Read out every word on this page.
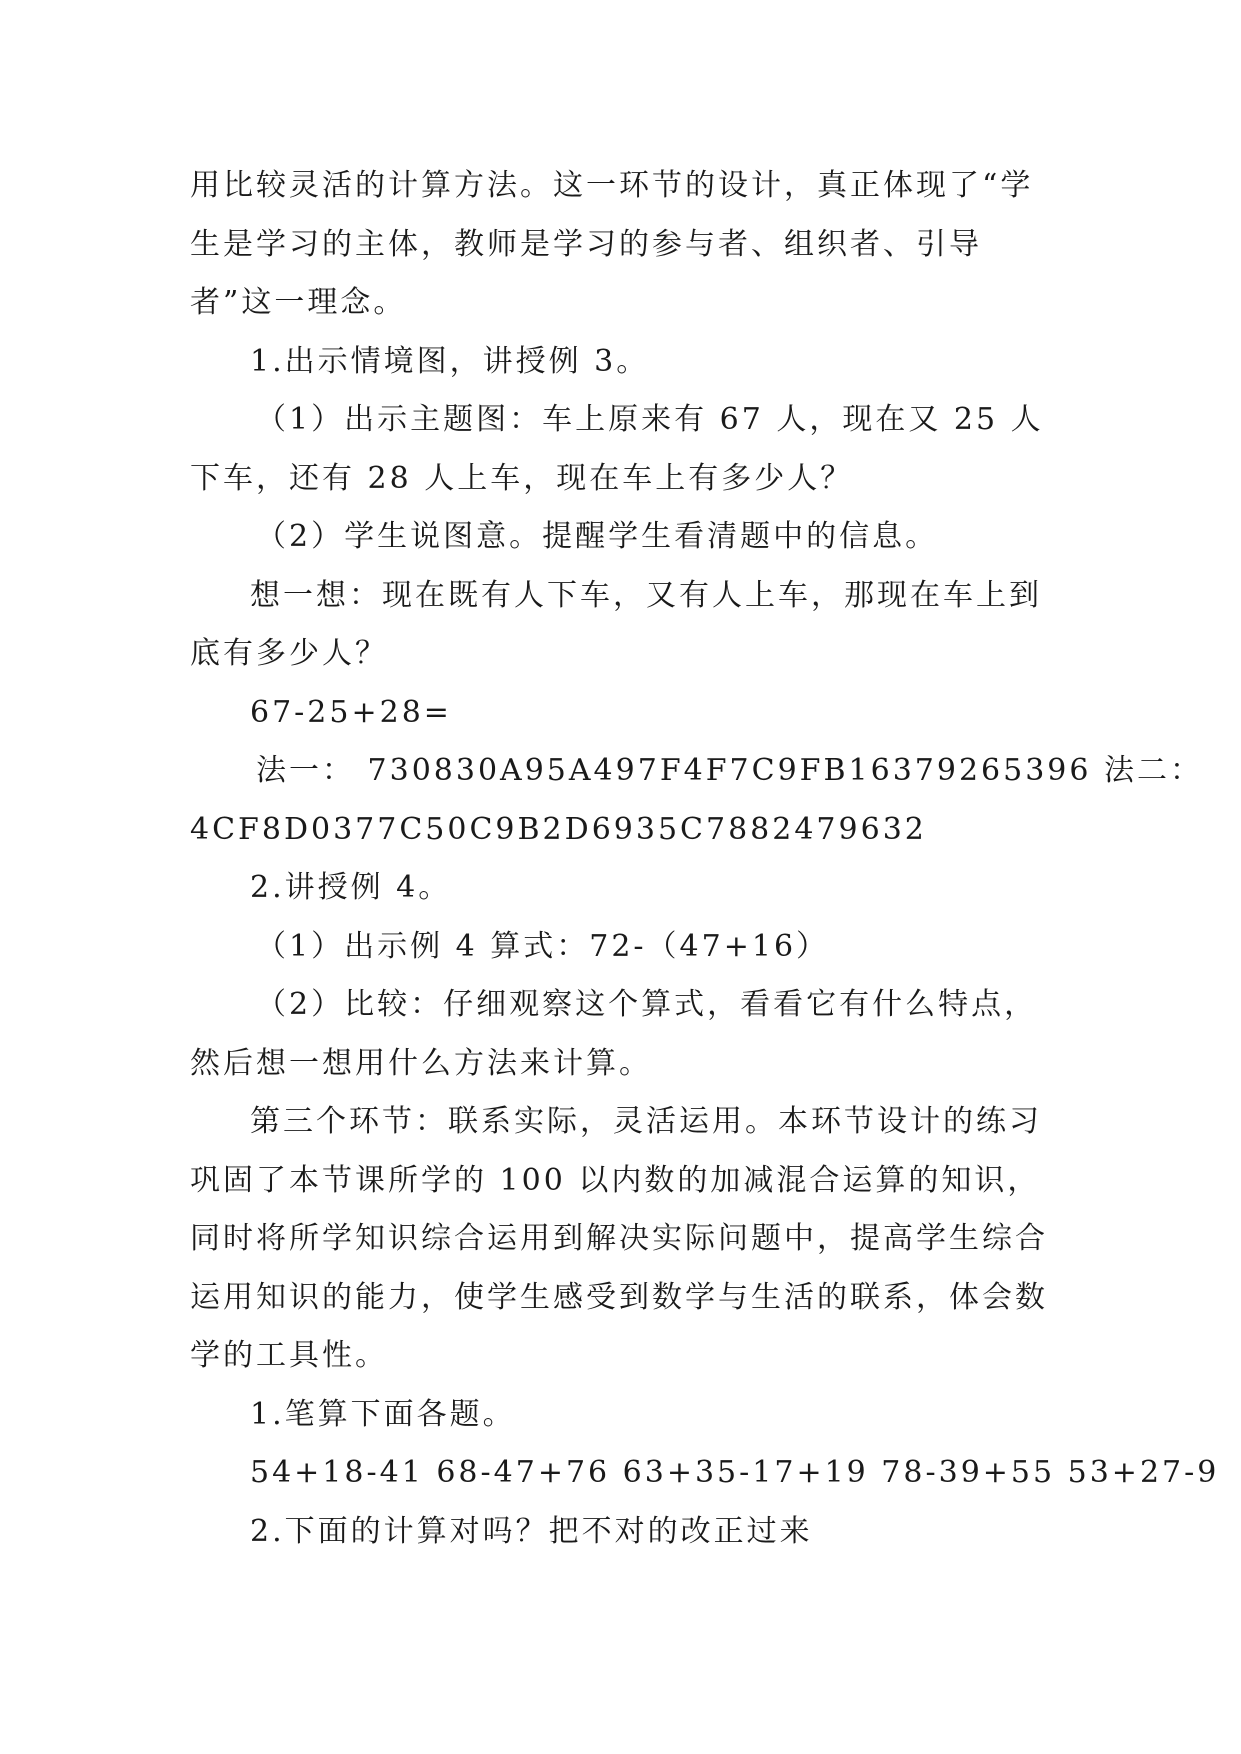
用比较灵活的计算方法。这一环节的设计，真正体现了“学生是学习的主体，教师是学习的参与者、组织者、引导者”这一理念。

1.出示情境图，讲授例 3。

（1）出示主题图：车上原来有 67 人，现在又 25 人下车，还有 28 人上车，现在车上有多少人？

（2）学生说图意。提醒学生看清题中的信息。

想一想：现在既有人下车，又有人上车，那现在车上到底有多少人？

67-25+28=

法一： 730830A95A497F4F7C9FB16379265396 法二：

4CF8D0377C50C9B2D6935C7882479632

2.讲授例 4。

（1）出示例 4 算式：72-（47+16）

（2）比较：仔细观察这个算式，看看它有什么特点，然后想一想用什么方法来计算。

第三个环节：联系实际，灵活运用。本环节设计的练习巩固了本节课所学的 100 以内数的加减混合运算的知识，同时将所学知识综合运用到解决实际问题中，提高学生综合运用知识的能力，使学生感受到数学与生活的联系，体会数学的工具性。

1.笔算下面各题。

54+18-41 68-47+76 63+35-17+19 78-39+55 53+27-9

2.下面的计算对吗？把不对的改正过来
